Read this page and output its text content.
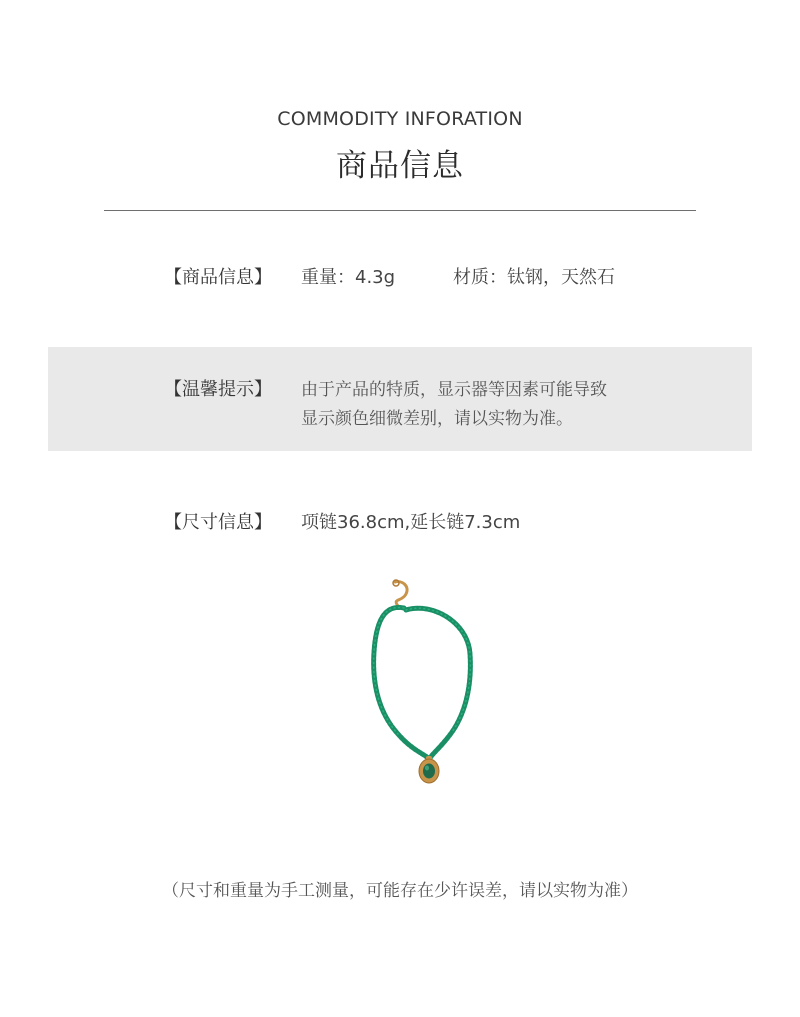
COMMODITY INFORATION
商品信息
【商品信息】 重量：4.3g	材质：钛钢，天然石
【温馨提示】 由于产品的特质，显示器等因素可能导致
显示颜色细微差别，请以实物为准。
【尺寸信息】 项链36.8cm,延长链7.3cm
（尺寸和重量为手工测量，可能存在少许误差，请以实物为准）
